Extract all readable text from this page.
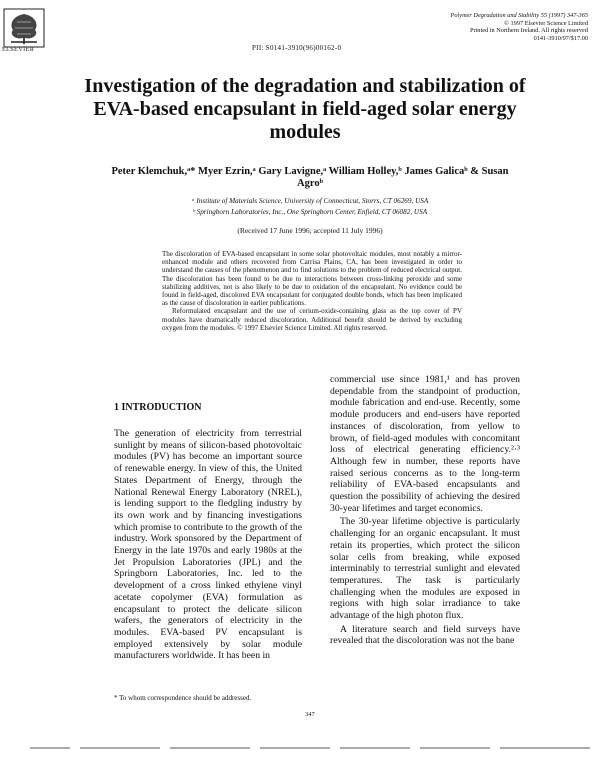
ELSEVIER	PII: S0141-3910(96)00162-0
Polymer Degradation and Stability 55 (1997) 347-365
© 1997 Elsevier Science Limited
Printed in Northern Ireland. All rights reserved
0141-3910/97/$17.00
Investigation of the degradation and stabilization of EVA-based encapsulant in field-aged solar energy modules
Peter Klemchuk,ᵃ* Myer Ezrin,ᵃ Gary Lavigne,ᵃ William Holley,ᵇ James Galicaᵇ & Susan Agroᵇ
ᵃ Institute of Materials Science, University of Connecticut, Storrs, CT 06269, USA
ᵇ Springborn Laboratories, Inc., One Springborn Center, Enfield, CT 06082, USA
(Received 17 June 1996; accepted 11 July 1996)

The discoloration of EVA-based encapsulant in some solar photovoltaic modules, most notably a mirror-enhanced module and others recovered from Carrisa Plains, CA, has been investigated in order to understand the causes of the phenomenon and to find solutions to the problem of reduced electrical output. The discoloration has been found to be due to interactions between cross-linking peroxide and some stabilizing additives, not is also likely to be due to oxidation of the encapsulant. No evidence could be found in field-aged, discolored EVA encapsulant for conjugated double bonds, which has been implicated as the cause of discoloration in earlier publications.

Reformulated encapsulant and the use of cerium-oxide-containing glass as the top cover of PV modules have dramatically reduced discoloration. Additional benefit should be derived by excluding oxygen from the modules. © 1997 Elsevier Science Limited. All rights reserved.

1 INTRODUCTION

The generation of electricity from terrestrial sunlight by means of silicon-based photovoltaic modules (PV) has become an important source of renewable energy. In view of this, the United States Department of Energy, through the National Renewal Energy Laboratory (NREL), is lending support to the fledgling industry by its own work and by financing investigations which promise to contribute to the growth of the industry. Work sponsored by the Department of Energy in the late 1970s and early 1980s at the Jet Propulsion Laboratories (JPL) and the Springborn Laboratories, Inc. led to the development of a cross linked ethylene vinyl acetate copolymer (EVA) formulation as encapsulant to protect the delicate silicon wafers, the generators of electricity in the modules. EVA-based PV encapsulant is employed extensively by solar module manufacturers worldwide. It has been in

commercial use since 1981,¹ and has proven dependable from the standpoint of production, module fabrication and end-use. Recently, some module producers and end-users have reported instances of discoloration, from yellow to brown, of field-aged modules with concomitant loss of electrical generating efficiency.²·³ Although few in number, these reports have raised serious concerns as to the long-term reliability of EVA-based encapsulants and question the possibility of achieving the desired 30-year lifetimes and target economics.

The 30-year lifetime objective is particularly challenging for an organic encapsulant. It must retain its properties, which protect the silicon solar cells from breaking, while exposed interminably to terrestrial sunlight and elevated temperatures. The task is particularly challenging when the modules are exposed in regions with high solar irradiance to take advantage of the high photon flux.

A literature search and field surveys have revealed that the discoloration was not the bane

* To whom correspondence should be addressed.
347
